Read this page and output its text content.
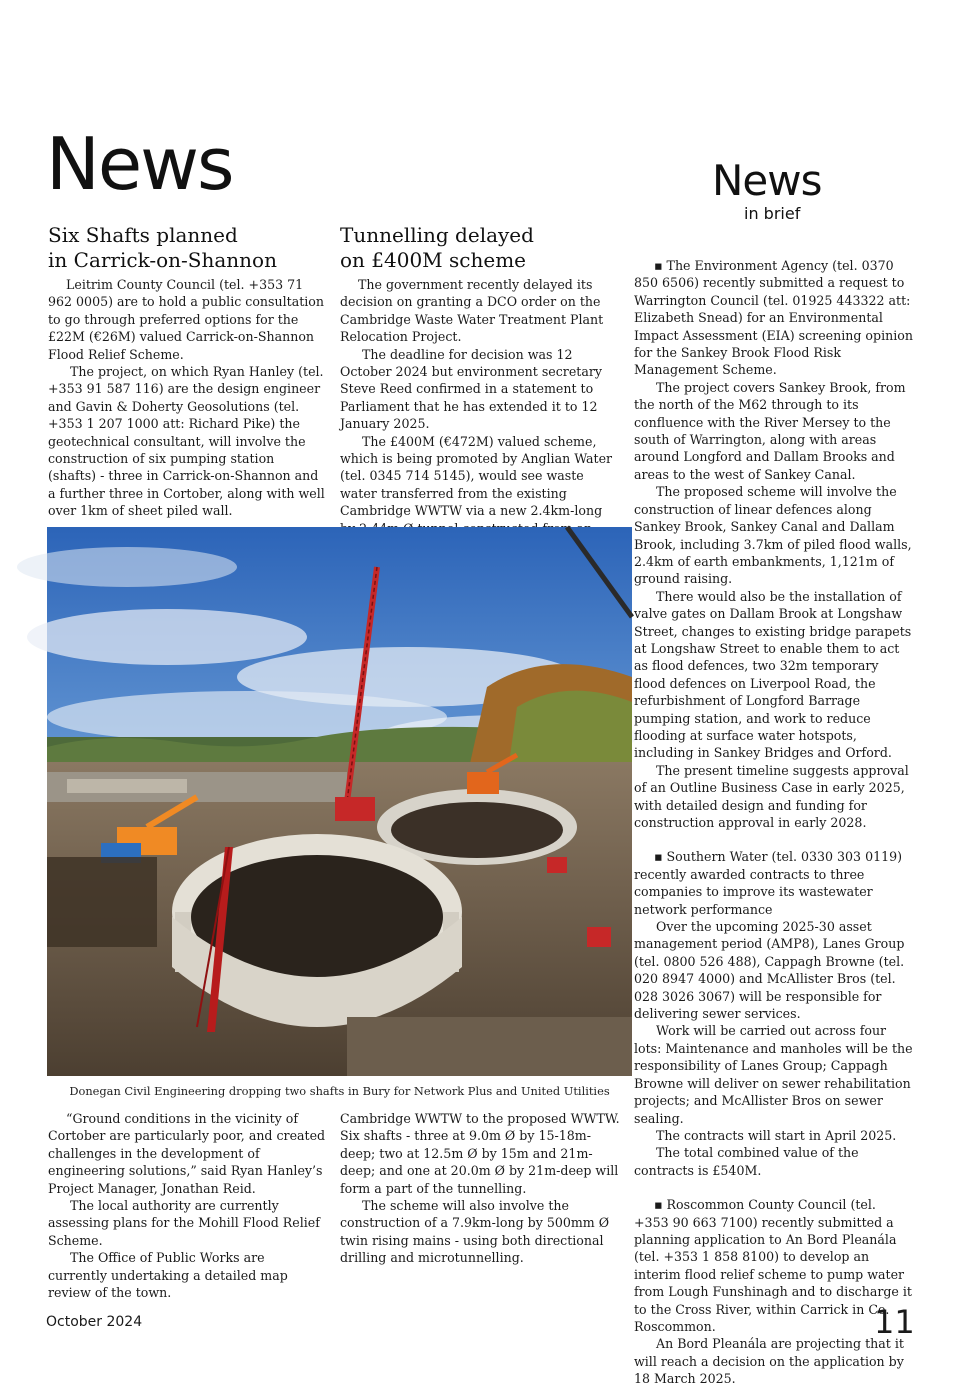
News	News
in brief
Six Shafts planned
in Carrick-on-Shannon

Leitrim County Council (tel. +353 71 962 0005) are to hold a public consultation to go through preferred options for the £22M (€26M) valued Carrick-on-Shannon Flood Relief Scheme.

The project, on which Ryan Hanley (tel. +353 91 587 116) are the design engineer and Gavin & Doherty Geosolutions (tel. +353 1 207 1000 att: Richard Pike) the geotechnical consultant, will involve the construction of six pumping station (shafts) - three in Carrick-on-Shannon and a further three in Cortober, along with well over 1km of sheet piled wall.

Tunnelling delayed
on £400M scheme

The government recently delayed its decision on granting a DCO order on the Cambridge Waste Water Treatment Plant Relocation Project.

The deadline for decision was 12 October 2024 but environment secretary Steve Reed confirmed in a statement to Parliament that he has extended it to 12 January 2025.

The £400M (€472M) valued scheme, which is being promoted by Anglian Water (tel. 0345 714 5145), would see waste water transferred from the existing Cambridge WWTW via a new 2.4km-long

Donegan Civil Engineering dropping two shafts in Bury for Network Plus and United Utilities

“Ground conditions in the vicinity of Cortober are particularly poor, and created challenges in the development of engineering solutions,” said Ryan Hanley’s Project Manager, Jonathan Reid.

The local authority are currently assessing plans for the Mohill Flood Relief Scheme.

The Office of Public Works are currently undertaking a detailed map review of the town.

Cambridge WWTW to the proposed WWTW. Six shafts - three at 9.0m Ø by 15-18m-deep; two at 12.5m Ø by 15m and 21m-deep; and one at 20.0m Ø by 21m-deep will form a part of the tunnelling.

The scheme will also involve the construction of a 7.9km-long by 500mm Ø twin rising mains - using both directional drilling and microtunnelling.

▪ The Environment Agency (tel. 0370 850 6506) recently submitted a request to Warrington Council (tel. 01925 443322 att: Elizabeth Snead) for an Environmental Impact Assessment (EIA) screening opinion for the Sankey Brook Flood Risk Management Scheme.

The project covers Sankey Brook, from the north of the M62 through to its confluence with the River Mersey to the south of Warrington, along with areas around Longford and Dallam Brooks and areas to the west of Sankey Canal.

The proposed scheme will involve the construction of linear defences along Sankey Brook, Sankey Canal and Dallam Brook, including 3.7km of piled flood walls, 2.4km of earth embankments, 1,121m of ground raising.

There would also be the installation of valve gates on Dallam Brook at Longshaw Street, changes to existing bridge parapets at Longshaw Street to enable them to act as flood defences, two 32m temporary flood defences on Liverpool Road, the refurbishment of Longford Barrage pumping station, and work to reduce flooding at surface water hotspots, including in Sankey Bridges and Orford.

The present timeline suggests approval of an Outline Business Case in early 2025, with detailed design and funding for construction approval in early 2028.

▪ Southern Water (tel. 0330 303 0119) recently awarded contracts to three companies to improve its wastewater network performance

Over the upcoming 2025-30 asset management period (AMP8), Lanes Group (tel. 0800 526 488), Cappagh Browne (tel. 020 8947 4000) and McAllister Bros (tel. 028 3026 3067) will be responsible for delivering sewer services.

Work will be carried out across four lots: Maintenance and manholes will be the responsibility of Lanes Group; Cappagh Browne will deliver on sewer rehabilitation projects; and McAllister Bros on sewer sealing.

The contracts will start in April 2025.

The total combined value of the contracts is £540M.

▪ Roscommon County Council (tel. +353 90 663 7100) recently submitted a planning application to An Bord Pleanála (tel. +353 1 858 8100) to develop an interim flood relief scheme to pump water from Lough Funshinagh and to discharge it to the Cross River, within Carrick in Co. Roscommon.

An Bord Pleanála are projecting that it will reach a decision on the application by 18 March 2025.

October 2024	11
